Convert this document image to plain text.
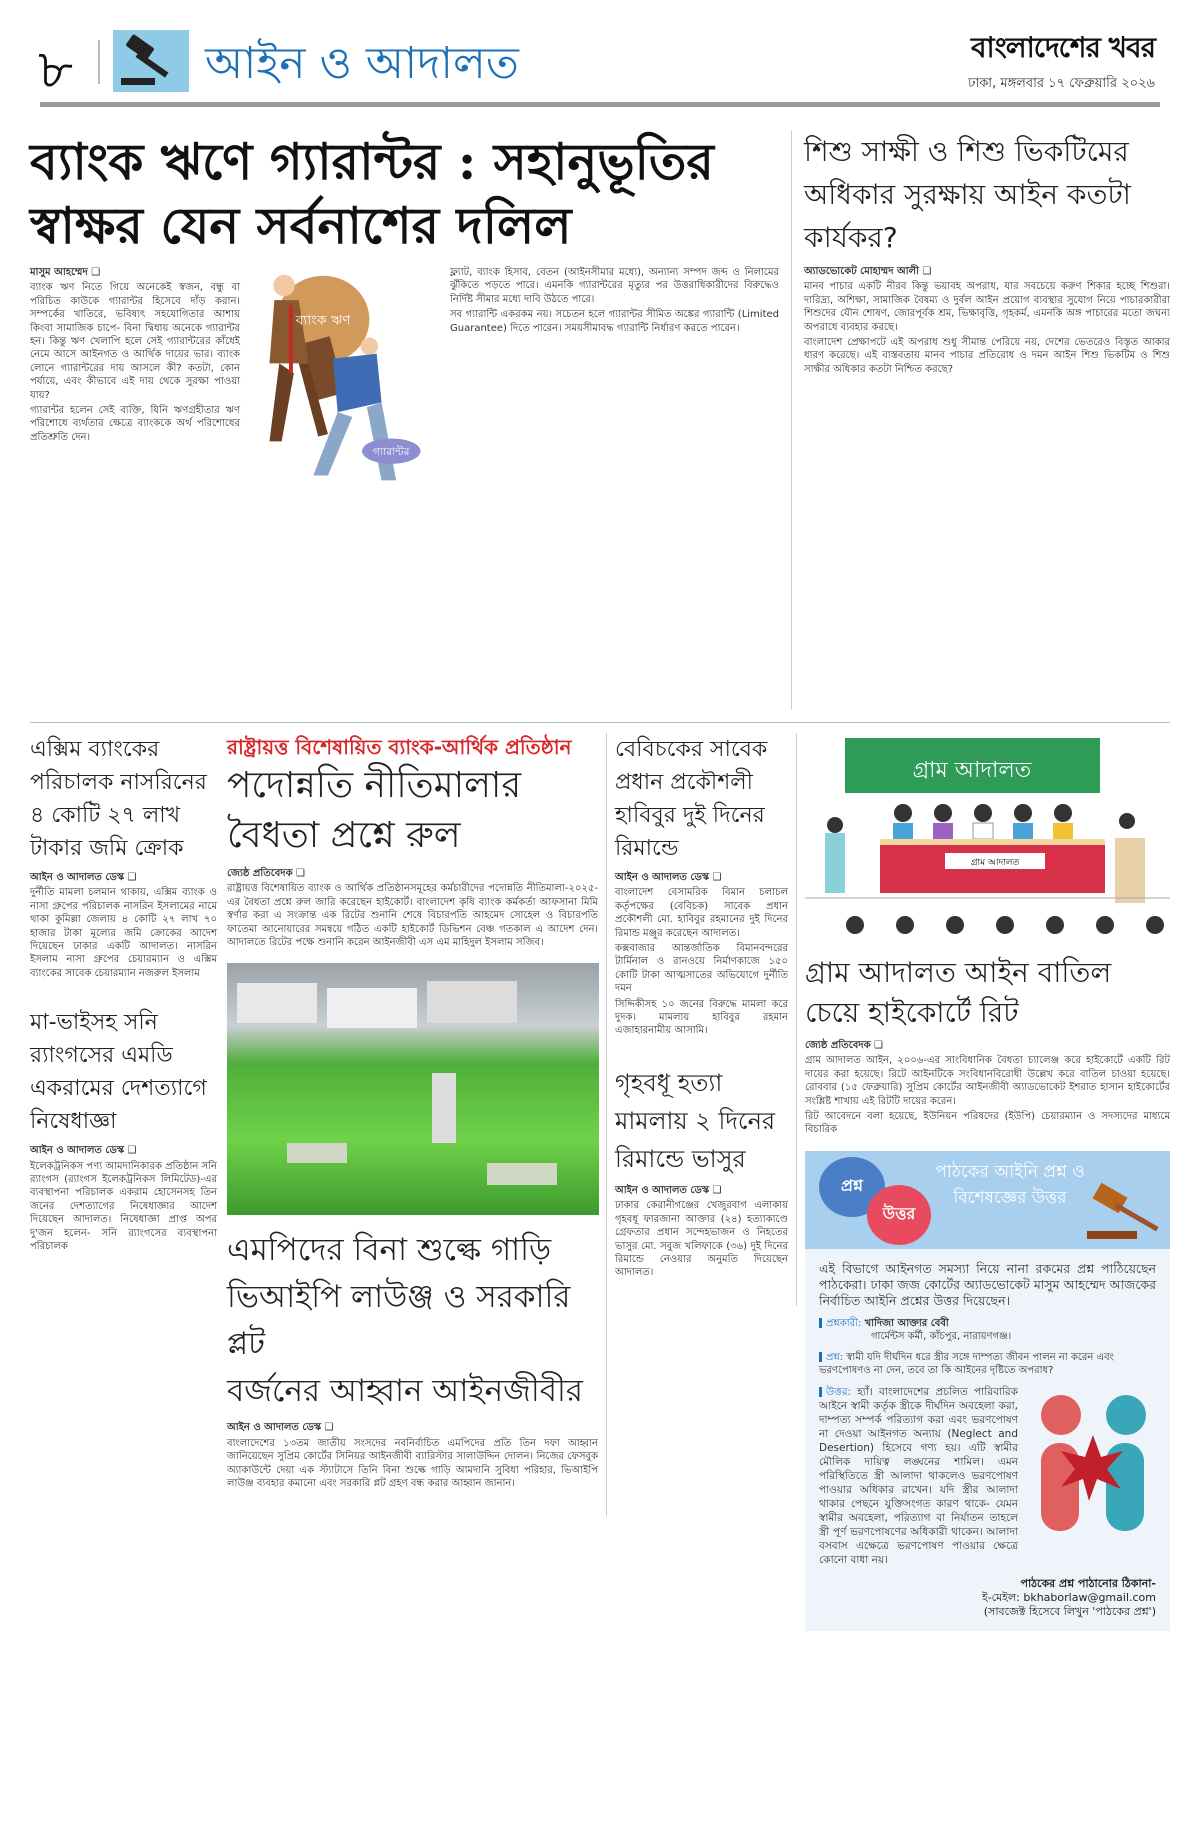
৮	আইন ও আদালত	বাংলাদেশের খবর
ঢাকা, মঙ্গলবার ১৭ ফেব্রুয়ারি ২০২৬
ব্যাংক ঋণে গ্যারান্টর : সহানুভূতির
স্বাক্ষর যেন সর্বনাশের দলিল
মাসুম আহম্মেদ ❑

ব্যাংক ঋণ নিতে গিয়ে অনেকেই স্বজন, বন্ধু বা পরিচিত কাউকে গ্যারান্টর হিসেবে দাঁড় করান। সম্পর্কের খাতিরে, ভবিষ্যৎ সহযোগিতার আশায় কিংবা সামাজিক চাপে- বিনা দ্বিধায় অনেকে গ্যারান্টর হন। কিন্তু ঋণ খেলাপি হলে সেই গ্যারান্টরের কাঁধেই নেমে আসে আইনগত ও আর্থিক দায়ের ভার। ব্যাংক লোনে গ্যারান্টরের দায় আসলে কী? কতটা, কোন পর্যায়ে, এবং কীভাবে এই দায় থেকে সুরক্ষা পাওয়া যায়?

গ্যারান্টর হলেন সেই ব্যক্তি, যিনি ঋণগ্রহীতার ঋণ পরিশোধে ব্যর্থতার ক্ষেত্রে ব্যাংককে অর্থ পরিশোধের প্রতিশ্রুতি দেন।

ব্যাংক ঋণ
গ্যারান্টর

ফ্ল্যাট, ব্যাংক হিসাব, বেতন (আইনসীমার মধ্যে), অন্যান্য সম্পদ জব্দ ও নিলামের ঝুঁকিতে পড়তে পারে। এমনকি গ্যারান্টরের মৃত্যুর পর উত্তরাধিকারীদের বিরুদ্ধেও নির্দিষ্ট সীমার মধ্যে দাবি উঠতে পারে।

সব গ্যারান্টি একরকম নয়। সচেতন হলে গ্যারান্টর সীমিত অঙ্কের গ্যারান্টি (Limited Guarantee) দিতে পারেন। সময়সীমাবদ্ধ গ্যারান্টি নির্ধারণ করতে পারেন।

শিশু সাক্ষী ও শিশু ভিকটিমের অধিকার সুরক্ষায় আইন কতটা কার্যকর?
অ্যাডভোকেট মোহাম্মদ আলী ❑

মানব পাচার একটি নীরব কিন্তু ভয়াবহ অপরাধ, যার সবচেয়ে করুণ শিকার হচ্ছে শিশুরা। দারিদ্র্য, অশিক্ষা, সামাজিক বৈষম্য ও দুর্বল আইন প্রয়োগ ব্যবস্থার সুযোগ নিয়ে পাচারকারীরা শিশুদের যৌন শোষণ, জোরপূর্বক শ্রম, ভিক্ষাবৃত্তি, গৃহকর্ম, এমনকি অঙ্গ পাচারের মতো জঘন্য অপরাধে ব্যবহার করছে।

বাংলাদেশ প্রেক্ষাপটে এই অপরাধ শুধু সীমান্ত পেরিয়ে নয়, দেশের ভেতরেও বিস্তৃত আকার ধারণ করেছে। এই বাস্তবতায় মানব পাচার প্রতিরোধ ও দমন আইন শিশু ভিকটিম ও শিশু সাক্ষীর অধিকার কতটা নিশ্চিত করছে?

এক্সিম ব্যাংকের পরিচালক নাসরিনের ৪ কোটি ২৭ লাখ টাকার জমি ক্রোক
আইন ও আদালত ডেস্ক ❑

দুর্নীতি মামলা চলমান থাকায়, এক্সিম ব্যাংক ও নাসা গ্রুপের পরিচালক নাসরিন ইসলামের নামে থাকা কুমিল্লা জেলায় ৪ কোটি ২৭ লাখ ৭০ হাজার টাকা মূল্যের জমি ক্রোকের আদেশ দিয়েছেন ঢাকার একটি আদালত। নাসরিন ইসলাম নাসা গ্রুপের চেয়ারম্যান ও এক্সিম ব্যাংকের সাবেক চেয়ারম্যান নজরুল ইসলাম

মা-ভাইসহ সনি র‍্যাংগসের এমডি একরামের দেশত্যাগে নিষেধাজ্ঞা
আইন ও আদালত ডেস্ক ❑

ইলেকট্রনিকস পণ্য আমদানিকারক প্রতিষ্ঠান সনি র‍্যাংগস (র‍্যাংগস ইলেকট্রনিকস লিমিটেড)-এর ব্যবস্থাপনা পরিচালক একরাম হোসেনসহ তিন জনের দেশত্যাগের নিষেধাজ্ঞার আদেশ দিয়েছেন আদালত। নিষেধাজ্ঞা প্রাপ্ত অপর দু'জন হলেন- সনি র‍্যাংগসের ব্যবস্থাপনা পরিচালক

রাষ্ট্রায়ত্ত বিশেষায়িত ব্যাংক-আর্থিক প্রতিষ্ঠান
পদোন্নতি নীতিমালার
বৈধতা প্রশ্নে রুল
জ্যেষ্ঠ প্রতিবেদক ❑

রাষ্ট্রায়ত্ত বিশেষায়িত ব্যাংক ও আর্থিক প্রতিষ্ঠানসমূহের কর্মচারীদের পদোন্নতি নীতিমালা-২০২৫-এর বৈধতা প্রশ্নে রুল জারি করেছেন হাইকোর্ট। বাংলাদেশ কৃষি ব্যাংক কর্মকর্তা আফসানা মিমি স্বর্ণার করা এ সংক্রান্ত এক রিটের শুনানি শেষে বিচারপতি আহমেদ সোহেল ও বিচারপতি ফাতেমা আনোয়ারের সমন্বয়ে গঠিত একটি হাইকোর্ট ডিভিশন বেঞ্চ গতকাল এ আদেশ দেন। আদালতে রিটের পক্ষে শুনানি করেন আইনজীবী এস এম মাহিদুল ইসলাম সজিব।

এমপিদের বিনা শুল্কে গাড়ি
ভিআইপি লাউঞ্জ ও সরকারি প্লট
বর্জনের আহ্বান আইনজীবীর
আইন ও আদালত ডেস্ক ❑

বাংলাদেশের ১৩তম জাতীয় সংসদের নবনির্বাচিত এমপিদের প্রতি তিন দফা আহ্বান জানিয়েছেন সুপ্রিম কোর্টের সিনিয়র আইনজীবী ব্যারিস্টার সালাউদ্দিন দোলন। নিজের ফেসবুক অ্যাকাউন্টে দেয়া এক স্ট্যাটাসে তিনি বিনা শুল্কে গাড়ি আমদানি সুবিধা পরিহার, ভিআইপি লাউঞ্জ ব্যবহার কমানো এবং সরকারি প্লট গ্রহণ বন্ধ করার আহ্বান জানান।

বেবিচকের সাবেক প্রধান প্রকৌশলী হাবিবুর দুই দিনের রিমান্ডে
আইন ও আদালত ডেস্ক ❑

বাংলাদেশ বেসামরিক বিমান চলাচল কর্তৃপক্ষের (বেবিচক) সাবেক প্রধান প্রকৌশলী মো. হাবিবুর রহমানের দুই দিনের রিমান্ড মঞ্জুর করেছেন আদালত।

কক্সবাজার আন্তর্জাতিক বিমানবন্দরের টার্মিনাল ও রানওয়ে নির্মাণকাজে ১৫০ কোটি টাকা আত্মসাতের অভিযোগে দুর্নীতি দমন

সিদ্দিকীসহ ১০ জনের বিরুদ্ধে মামলা করে দুদক। মামলায় হাবিবুর রহমান এজাহারনামীয় আসামি।

গৃহবধূ হত্যা মামলায় ২ দিনের রিমান্ডে ভাসুর
আইন ও আদালত ডেস্ক ❑

ঢাকার কেরানীগঞ্জের খেজুরবাগ এলাকায় গৃহবধূ ফারজানা আক্তার (২৪) হত্যাকাণ্ডে গ্রেফতার প্রধান সন্দেহভাজন ও নিহতের ভাসুর মো. সবুজ খলিফাকে (৩৬) দুই দিনের রিমান্ডে নেওয়ার অনুমতি দিয়েছেন আদালত।

গ্রাম আদালত
গ্রাম আদালত
গ্রাম আদালত আইন বাতিল চেয়ে হাইকোর্টে রিট
জ্যেষ্ঠ প্রতিবেদক ❑

গ্রাম আদালত আইন, ২০০৬-এর সাংবিধানিক বৈধতা চ্যালেঞ্জ করে হাইকোর্টে একটি রিট দায়ের করা হয়েছে। রিটে আইনটিকে সংবিধানবিরোধী উল্লেখ করে বাতিল চাওয়া হয়েছে। রোববার (১৫ ফেব্রুয়ারি) সুপ্রিম কোর্টের আইনজীবী অ্যাডভোকেট ইশরাত হাসান হাইকোর্টের সংশ্লিষ্ট শাখায় এই রিটটি দায়ের করেন।

রিট আবেদনে বলা হয়েছে, ইউনিয়ন পরিষদের (ইউপি) চেয়ারম্যান ও সদস্যদের মাধ্যমে বিচারিক

প্রশ্ন
উত্তর
পাঠকের আইনি প্রশ্ন ও বিশেষজ্ঞের উত্তর
এই বিভাগে আইনগত সমস্যা নিয়ে নানা রকমের প্রশ্ন পাঠিয়েছেন পাঠকেরা। ঢাকা জজ কোর্টের অ্যাডভোকেট মাসুম আহম্মেদ আজকের নির্বাচিত আইনি প্রশ্নের উত্তর দিয়েছেন।
প্রশ্নকারী: খাদিজা আক্তার বেবী
গার্মেন্টস কর্মী, কাঁচপুর, নারায়ণগঞ্জ।
প্রশ্ন: স্বামী যদি দীর্ঘদিন ধরে স্ত্রীর সঙ্গে দাম্পত্য জীবন পালন না করেন এবং ভরণপোষণও না দেন, তবে তা কি আইনের দৃষ্টিতে অপরাধ?
উত্তর: হ্যাঁ। বাংলাদেশের প্রচলিত পারিবারিক আইনে স্বামী কর্তৃক স্ত্রীকে দীর্ঘদিন অবহেলা করা, দাম্পত্য সম্পর্ক পরিত্যাগ করা এবং ভরণপোষণ না দেওয়া আইনগত অন্যায় (Neglect and Desertion) হিসেবে গণ্য হয়। এটি স্বামীর মৌলিক দায়িত্ব লঙ্ঘনের শামিল। এমন পরিস্থিতিতে স্ত্রী আলাদা থাকলেও ভরণপোষণ পাওয়ার অধিকার রাখেন। যদি স্ত্রীর আলাদা থাকার পেছনে যুক্তিসংগত কারণ থাকে- যেমন স্বামীর অবহেলা, পরিত্যাগ বা নির্যাতন তাহলে স্ত্রী পূর্ণ ভরণপোষণের অধিকারী থাকেন। আলাদা বসবাস এক্ষেত্রে ভরণপোষণ পাওয়ার ক্ষেত্রে কোনো বাধা নয়।
পাঠকের প্রশ্ন পাঠানোর ঠিকানা-
ই-মেইল: bkhaborlaw@gmail.com
(সাবজেক্ট হিসেবে লিখুন 'পাঠকের প্রশ্ন')
